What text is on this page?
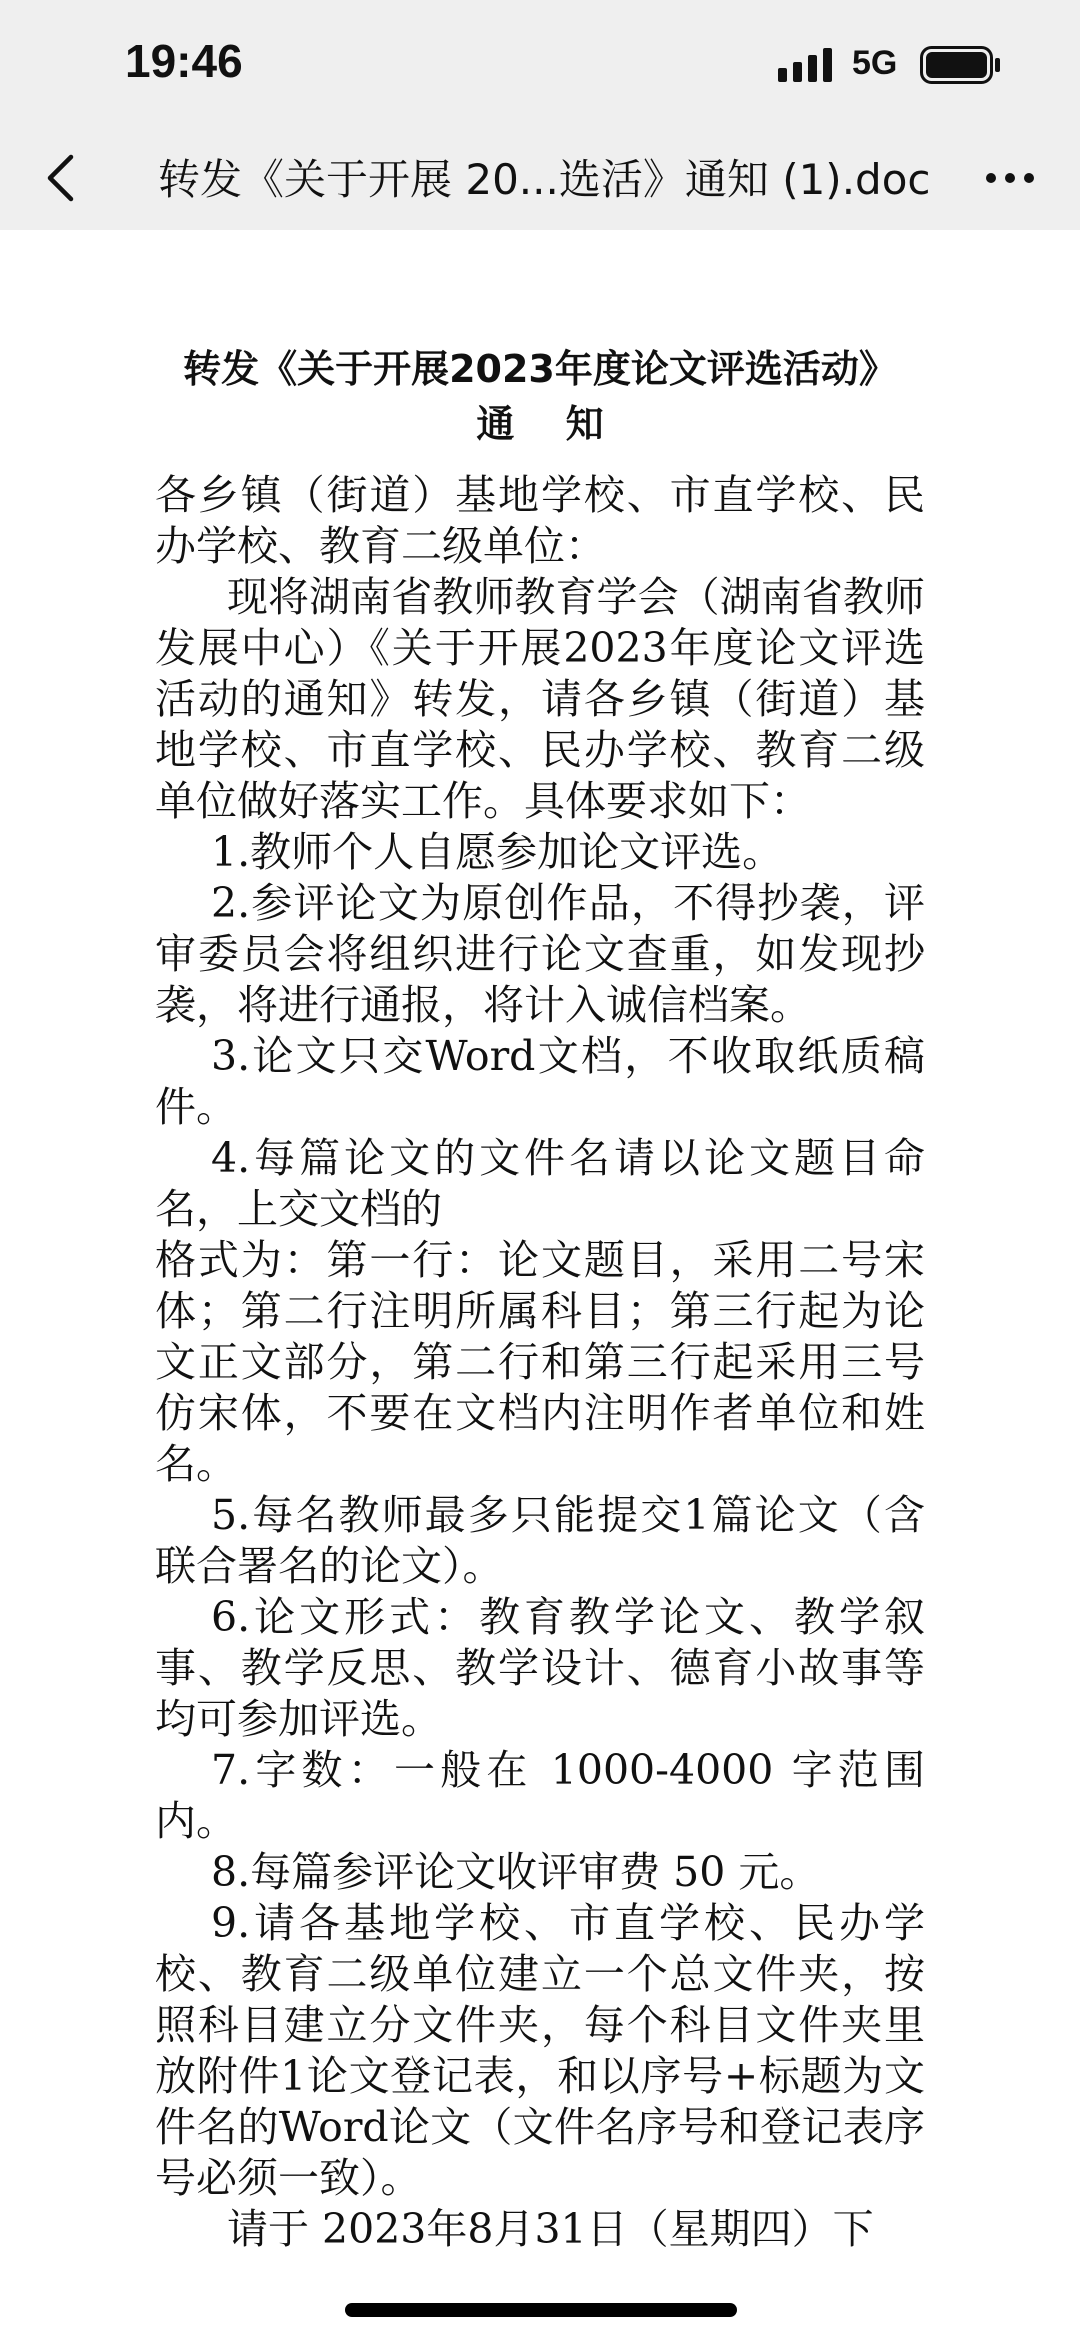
19:46	5G
转发《关于开展 20...选活》通知 (1).doc
转发《关于开展2023年度论文评选活动》
通　 知

各乡镇（街道）基地学校、市直学校、民办学校、教育二级单位：

现将湖南省教师教育学会（湖南省教师发展中心）《关于开展2023年度论文评选活动的通知》转发，请各乡镇（街道）基地学校、市直学校、民办学校、教育二级单位做好落实工作。具体要求如下：

1.教师个人自愿参加论文评选。

2.参评论文为原创作品，不得抄袭，评审委员会将组织进行论文查重，如发现抄袭，将进行通报，将计入诚信档案。

3.论文只交Word文档，不收取纸质稿件。

4.每篇论文的文件名请以论文题目命名，上交文档的

格式为：第一行：论文题目，采用二号宋体；第二行注明所属科目；第三行起为论文正文部分，第二行和第三行起采用三号仿宋体，不要在文档内注明作者单位和姓名。

5.每名教师最多只能提交1篇论文（含联合署名的论文）。

6.论文形式：教育教学论文、教学叙事、教学反思、教学设计、德育小故事等均可参加评选。

7.字数：一般在 1000-4000 字范围内。

8.每篇参评论文收评审费 50 元。

9.请各基地学校、市直学校、民办学校、教育二级单位建立一个总文件夹，按照科目建立分文件夹，每个科目文件夹里放附件1论文登记表，和以序号+标题为文件名的Word论文（文件名序号和登记表序号必须一致）。

请于 2023年8月31日（星期四）下
